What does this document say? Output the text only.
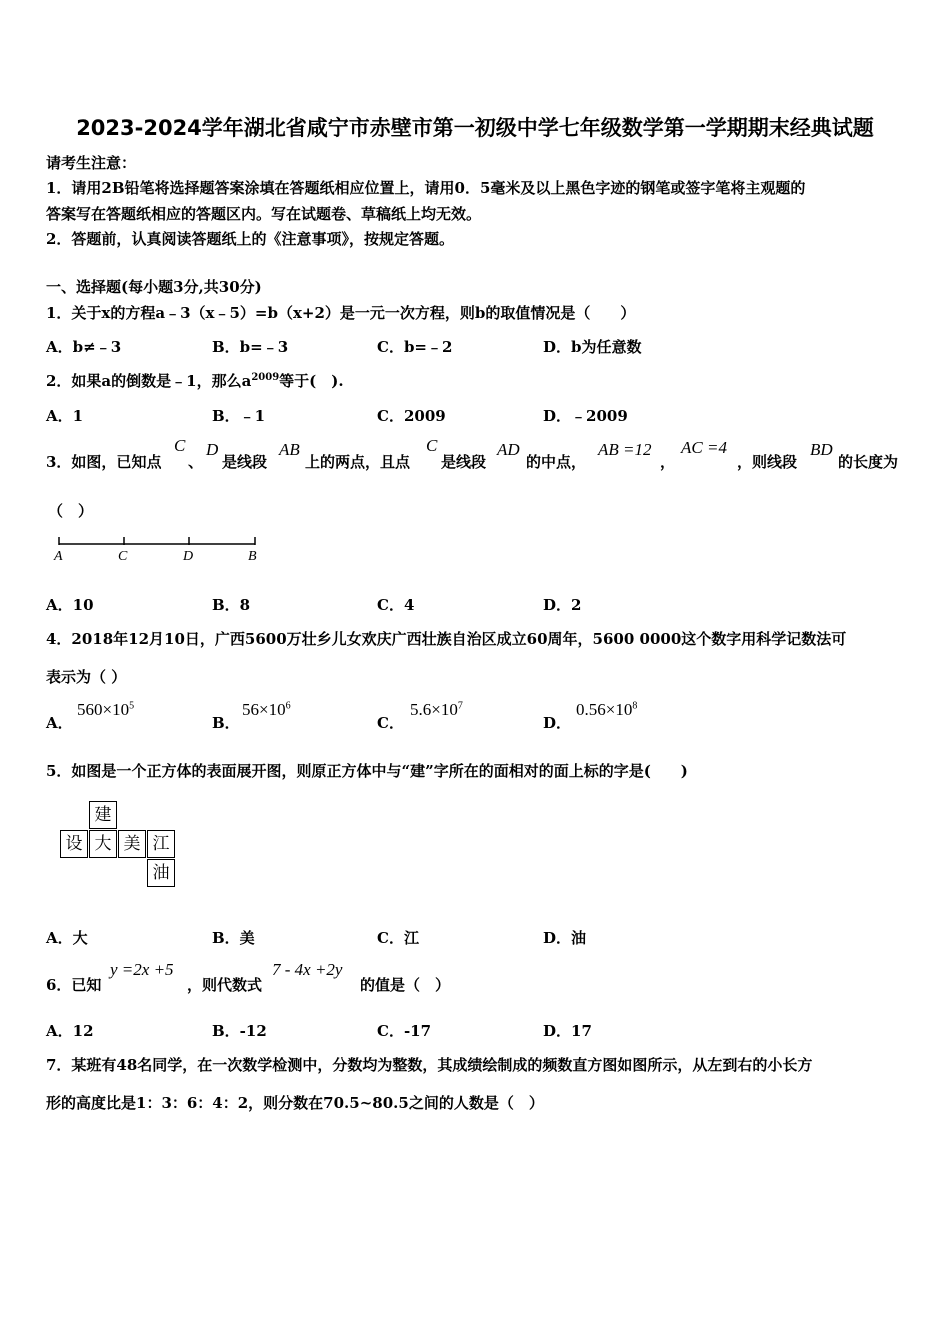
2023-2024学年湖北省咸宁市赤壁市第一初级中学七年级数学第一学期期末经典试题
请考生注意：
1．请用2B铅笔将选择题答案涂填在答题纸相应位置上，请用0．5毫米及以上黑色字迹的钢笔或签字笔将主观题的
答案写在答题纸相应的答题区内。写在试题卷、草稿纸上均无效。
2．答题前，认真阅读答题纸上的《注意事项》，按规定答题。
一、选择题(每小题3分,共30分)
1．关于x的方程a﹣3（x﹣5）=b（x+2）是一元一次方程，则b的取值情况是（　　）
A．b≠﹣3	B．b=﹣3	C．b=﹣2	D．b为任意数
2．如果a的倒数是﹣1，那么$a^{2009}$等于(　).
A．1	B．﹣1	C．2009	D．﹣2009
3．如图，已知点
C
、
D
是线段
AB
上的两点，且点
C
是线段
AD
的中点，
AB =12
，
AC =4
，则线段
BD
的长度为
（　）
A	C	D	B
A．10	B．8	C．4	D．2
4．2018年12月10日，广西5600万壮乡儿女欢庆广西壮族自治区成立60周年，5600 0000这个数字用科学记数法可
表示为（ ）
A．
$560\times 10^5$
B．
$56\times 10^6$
C．
$5.6\times 10^7$
D．
$0.56\times 10^8$
5．如图是一个正方体的表面展开图，则原正方体中与“建”字所在的面相对的面上标的字是(　　)
建
设 大 美 江
油
A．大	B．美	C．江	D．油
6．已知
y =2x +5
，则代数式
7 - 4x +2y
的值是（　）
A．12	B．-12	C．-17	D．17
7．某班有48名同学，在一次数学检测中，分数均为整数，其成绩绘制成的频数直方图如图所示，从左到右的小长方
形的高度比是1：3：6：4：2，则分数在70.5~80.5之间的人数是（　）
